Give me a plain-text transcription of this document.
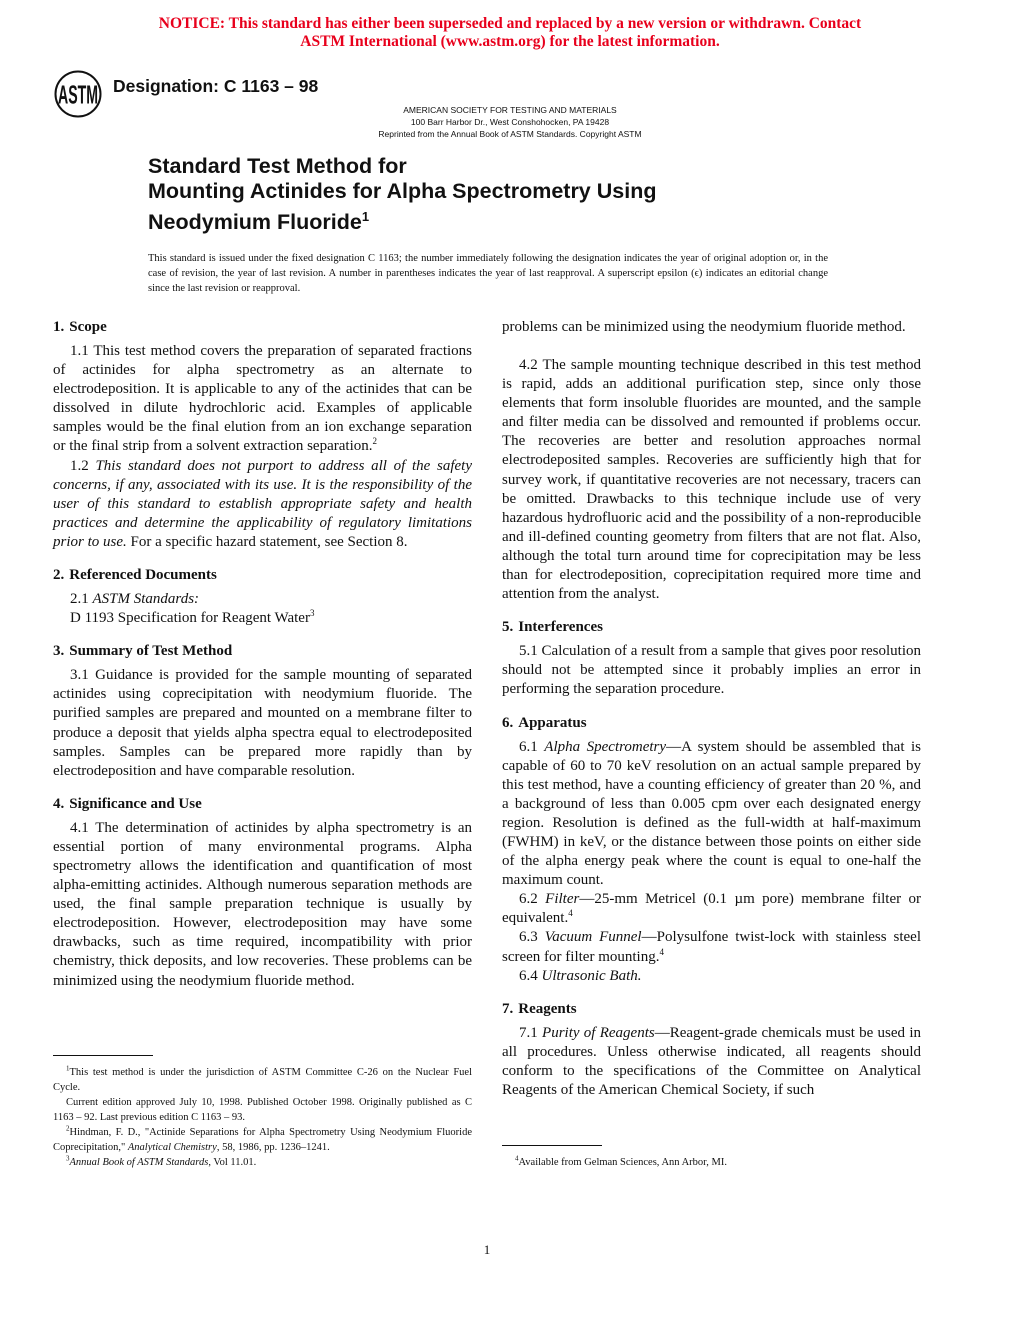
NOTICE: This standard has either been superseded and replaced by a new version or withdrawn. Contact
ASTM International (www.astm.org) for the latest information.
ASTM Designation: C 1163 – 98
AMERICAN SOCIETY FOR TESTING AND MATERIALS
100 Barr Harbor Dr., West Conshohocken, PA 19428
Reprinted from the Annual Book of ASTM Standards. Copyright ASTM
Standard Test Method for
Mounting Actinides for Alpha Spectrometry Using
Neodymium Fluoride$^1$
This standard is issued under the fixed designation C 1163; the number immediately following the designation indicates the year of original adoption or, in the case of revision, the year of last revision. A number in parentheses indicates the year of last reapproval. A superscript epsilon (ϵ) indicates an editorial change since the last revision or reapproval.
1. Scope

1.1 This test method covers the preparation of separated fractions of actinides for alpha spectrometry as an alternate to electrodeposition. It is applicable to any of the actinides that can be dissolved in dilute hydrochloric acid. Examples of applicable samples would be the final elution from an ion exchange separation or the final strip from a solvent extraction separation.$^2$

1.2 This standard does not purport to address all of the safety concerns, if any, associated with its use. It is the responsibility of the user of this standard to establish appropriate safety and health practices and determine the applicability of regulatory limitations prior to use. For a specific hazard statement, see Section 8.

2. Referenced Documents

2.1 ASTM Standards:

D 1193 Specification for Reagent Water$^3$

3. Summary of Test Method

3.1 Guidance is provided for the sample mounting of separated actinides using coprecipitation with neodymium fluoride. The purified samples are prepared and mounted on a membrane filter to produce a deposit that yields alpha spectra equal to electrodeposited samples. Samples can be prepared more rapidly than by electrodeposition and have comparable resolution.

4. Significance and Use

4.1 The determination of actinides by alpha spectrometry is an essential portion of many environmental programs. Alpha spectrometry allows the identification and quantification of most alpha-emitting actinides. Although numerous separation methods are used, the final sample preparation technique is usually by electrodeposition. However, electrodeposition may have some drawbacks, such as time required, incompatibility with prior chemistry, thick deposits, and low recoveries. These problems can be minimized using the neodymium fluoride method.

problems can be minimized using the neodymium fluoride method.

4.2 The sample mounting technique described in this test method is rapid, adds an additional purification step, since only those elements that form insoluble fluorides are mounted, and the sample and filter media can be dissolved and remounted if problems occur. The recoveries are better and resolution approaches normal electrodeposited samples. Recoveries are sufficiently high that for survey work, if quantitative recoveries are not necessary, tracers can be omitted. Drawbacks to this technique include use of very hazardous hydrofluoric acid and the possibility of a non-reproducible and ill-defined counting geometry from filters that are not flat. Also, although the total turn around time for coprecipitation may be less than for electrodeposition, coprecipitation required more time and attention from the analyst.

5. Interferences

5.1 Calculation of a result from a sample that gives poor resolution should not be attempted since it probably implies an error in performing the separation procedure.

6. Apparatus

6.1 Alpha Spectrometry—A system should be assembled that is capable of 60 to 70 keV resolution on an actual sample prepared by this test method, have a counting efficiency of greater than 20 %, and a background of less than 0.005 cpm over each designated energy region. Resolution is defined as the full-width at half-maximum (FWHM) in keV, or the distance between those points on either side of the alpha energy peak where the count is equal to one-half the maximum count.

6.2 Filter—25-mm Metricel (0.1 µm pore) membrane filter or equivalent.$^4$

6.3 Vacuum Funnel—Polysulfone twist-lock with stainless steel screen for filter mounting.$^4$

6.4 Ultrasonic Bath.

7. Reagents

7.1 Purity of Reagents—Reagent-grade chemicals must be used in all procedures. Unless otherwise indicated, all reagents should conform to the specifications of the Committee on Analytical Reagents of the American Chemical Society, if such

$^1$This test method is under the jurisdiction of ASTM Committee C-26 on the Nuclear Fuel Cycle.

Current edition approved July 10, 1998. Published October 1998. Originally published as C 1163 – 92. Last previous edition C 1163 – 93.

$^2$Hindman, F. D., "Actinide Separations for Alpha Spectrometry Using Neodymium Fluoride Coprecipitation," Analytical Chemistry, 58, 1986, pp. 1236–1241.

$^3$Annual Book of ASTM Standards, Vol 11.01.	$^4$Available from Gelman Sciences, Ann Arbor, MI.

1
